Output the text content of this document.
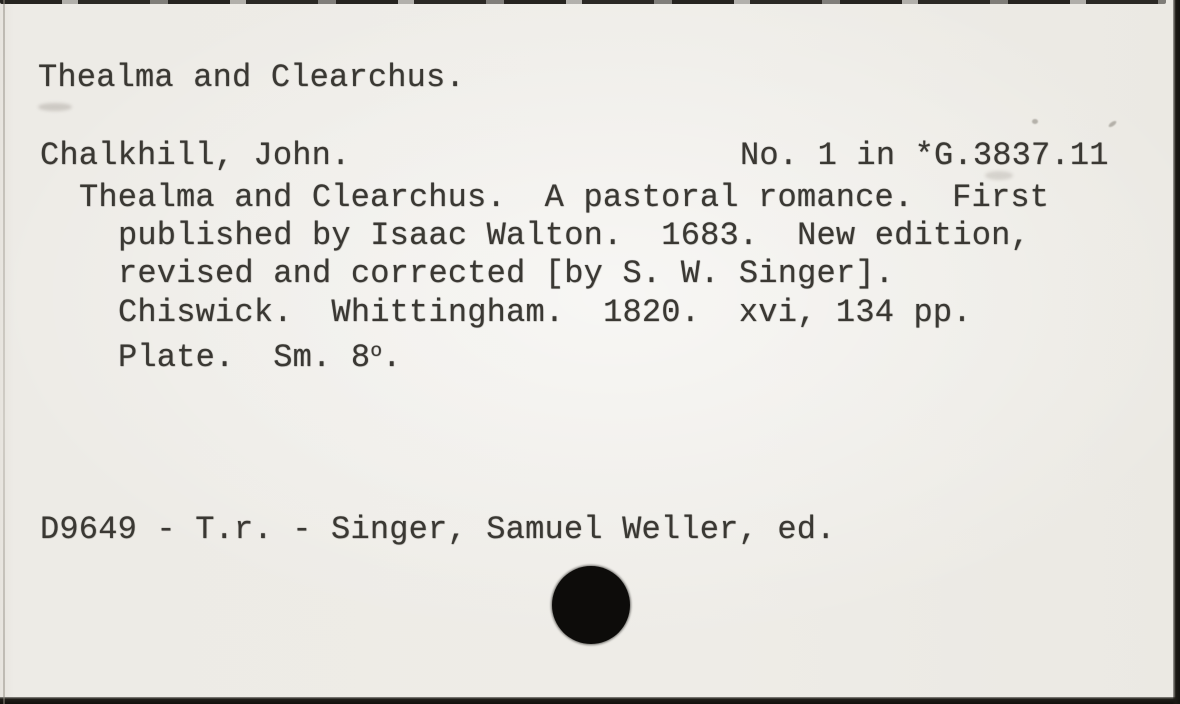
Thealma and Clearchus.
Chalkhill, John.	No. 1 in *G.3837.11
Thealma and Clearchus.  A pastoral romance.  First
published by Isaac Walton.  1683.  New edition,
revised and corrected [by S. W. Singer].
Chiswick.  Whittingham.  1820.  xvi, 134 pp.
Plate.  Sm. 8$^o$.
D9649 - T.r. - Singer, Samuel Weller, ed.
